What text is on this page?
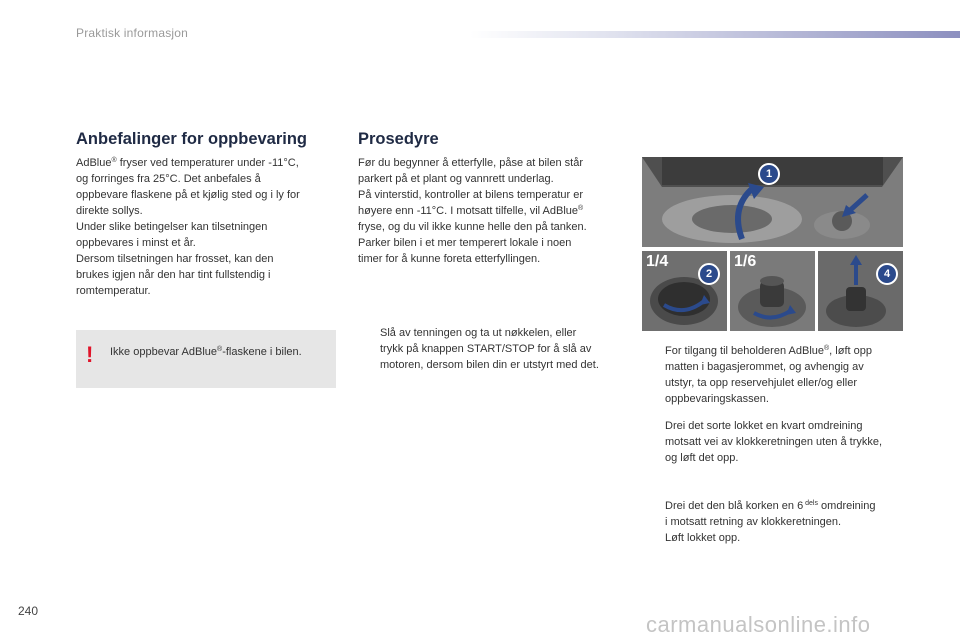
Praktisk informasjon
Anbefalinger for oppbevaring

AdBlue® fryser ved temperaturer under -11°C,

og forringes fra 25°C. Det anbefales å

oppbevare flaskene på et kjølig sted og i ly for

direkte sollys.

Under slike betingelser kan tilsetningen

oppbevares i minst et år.

Dersom tilsetningen har frosset, kan den

brukes igjen når den har tint fullstendig i

romtemperatur.

! Ikke oppbevar AdBlue®-flaskene i bilen.
Prosedyre

Før du begynner å etterfylle, påse at bilen står

parkert på et plant og vannrett underlag.

På vinterstid, kontroller at bilens temperatur er

høyere enn -11°C. I motsatt tilfelle, vil AdBlue®

fryse, og du vil ikke kunne helle den på tanken.

Parker bilen i et mer temperert lokale i noen

timer for å kunne foreta etterfyllingen.

Slå av tenningen og ta ut nøkkelen, eller
trykk på knappen START/STOP for å slå av
motoren, dersom bilen din er utstyrt med det.
1
1/4
2
1/6
4
For tilgang til beholderen AdBlue®, løft opp
matten i bagasjerommet, og avhengig av
utstyr, ta opp reservehjulet eller/og eller
oppbevaringskassen.
Drei det sorte lokket en kvart omdreining
motsatt vei av klokkeretningen uten å trykke,
og løft det opp.
Drei det den blå korken en 6 $^{dels}$ omdreining
i motsatt retning av klokkeretningen.
Løft lokket opp.
240
carmanualsonline.info
